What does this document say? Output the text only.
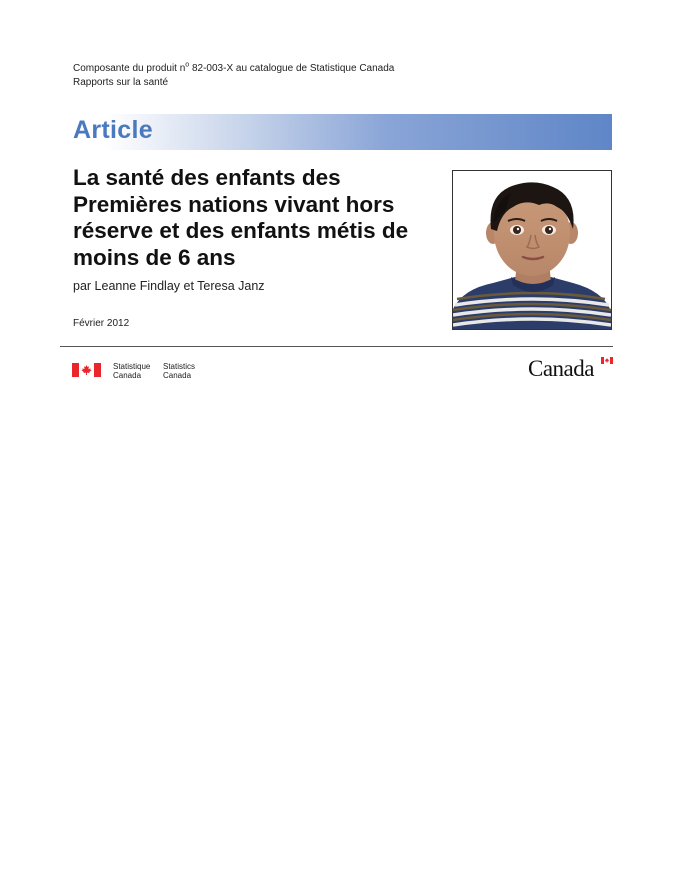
Composante du produit $n^o$ 82-003-X au catalogue de Statistique Canada
Rapports sur la santé
Article
La santé des enfants des Premières nations vivant hors réserve et des enfants métis de moins de 6 ans
par Leanne Findlay et Teresa Janz
Février 2012
Statistique
Canada
Statistics
Canada	Canada
